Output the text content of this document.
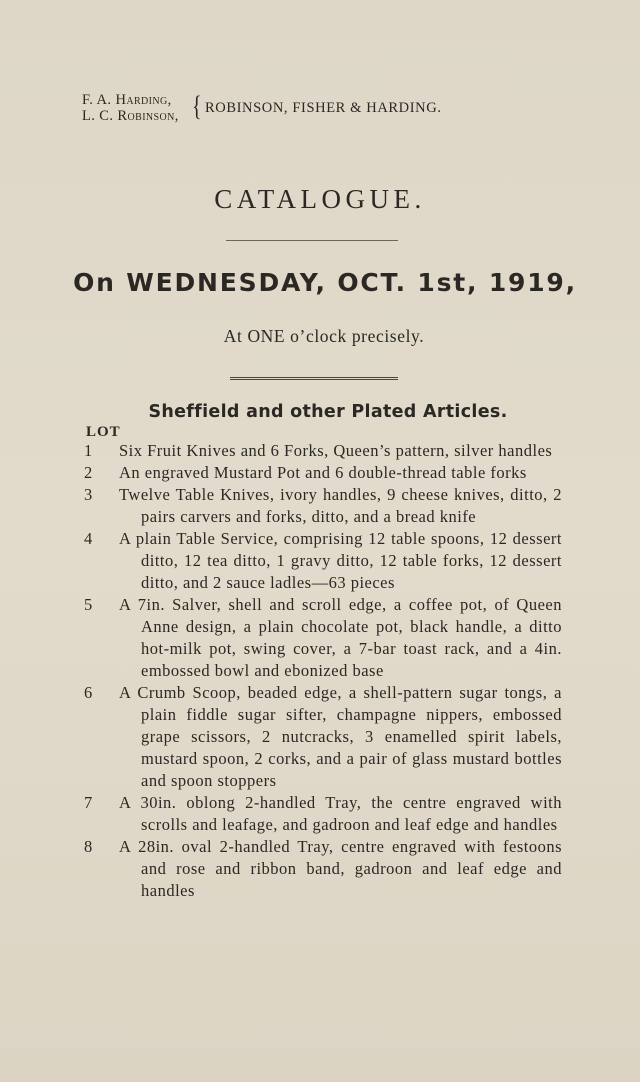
F. A. Harding,
L. C. Robinson, { ROBINSON, FISHER & HARDING.
CATALOGUE.
On WEDNESDAY, OCT. 1st, 1919,
At ONE o’clock precisely.
Sheffield and other Plated Articles.
LOT
1	Six Fruit Knives and 6 Forks, Queen’s pattern, silver handles
2	An engraved Mustard Pot and 6 double-thread table forks
3	Twelve Table Knives, ivory handles, 9 cheese knives, ditto, 2 pairs carvers and forks, ditto, and a bread knife
4	A plain Table Service, comprising 12 table spoons, 12 dessert ditto, 12 tea ditto, 1 gravy ditto, 12 table forks, 12 dessert ditto, and 2 sauce ladles—63 pieces
5	A 7in. Salver, shell and scroll edge, a coffee pot, of Queen Anne design, a plain chocolate pot, black handle, a ditto hot-milk pot, swing cover, a 7-bar toast rack, and a 4in. embossed bowl and ebonized base
6	A Crumb Scoop, beaded edge, a shell-pattern sugar tongs, a plain fiddle sugar sifter, champagne nippers, embossed grape scissors, 2 nutcracks, 3 enamelled spirit labels, mustard spoon, 2 corks, and a pair of glass mustard bottles and spoon stoppers
7	A 30in. oblong 2-handled Tray, the centre engraved with scrolls and leafage, and gadroon and leaf edge and handles
8	A 28in. oval 2-handled Tray, centre engraved with festoons and rose and ribbon band, gadroon and leaf edge and handles
